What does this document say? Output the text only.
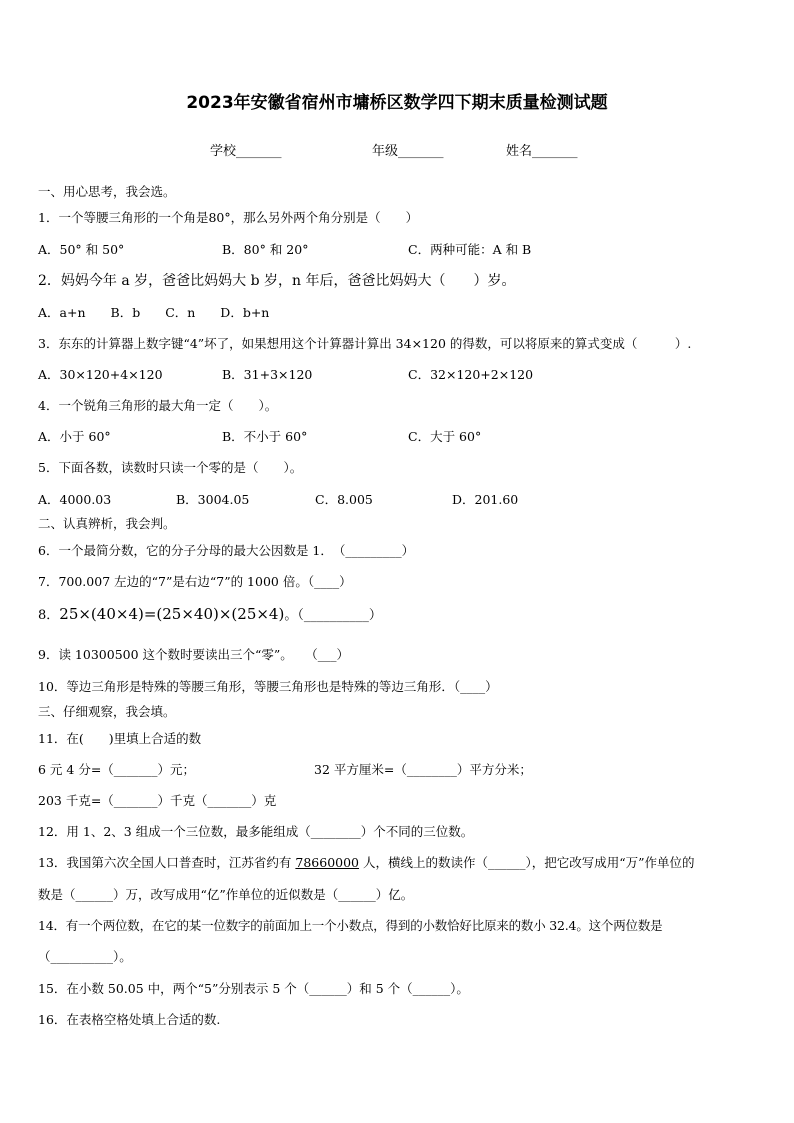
2023年安徽省宿州市墉桥区数学四下期末质量检测试题
学校_______	年级_______	姓名_______
一、用心思考，我会选。
1．一个等腰三角形的一个角是80°，那么另外两个角分别是（　　）
A．50° 和 50°	B．80° 和 20°	C．两种可能：A 和 B
2．妈妈今年 a 岁，爸爸比妈妈大 b 岁，n 年后，爸爸比妈妈大（　　）岁。
A．a+n　　B．b　　C．n　　D．b+n
3．东东的计算器上数字键“4”坏了，如果想用这个计算器计算出 34×120 的得数，可以将原来的算式变成（　　　）.
A．30×120+4×120	B．31+3×120	C．32×120+2×120
4．一个锐角三角形的最大角一定（　　）。
A．小于 60°	B．不小于 60°	C．大于 60°
5．下面各数，读数时只读一个零的是（　　）。
A．4000.03	B．3004.05	C．8.005	D．201.60
二、认真辨析，我会判。
6．一个最简分数，它的分子分母的最大公因数是 1．　（_________）
7．700.007 左边的“7”是右边“7”的 1000 倍。（____）
8．25×(40×4)=(25×40)×(25×4)。（__________）
9．读 10300500 这个数时要读出三个“零”。　　（___）
10．等边三角形是特殊的等腰三角形，等腰三角形也是特殊的等边三角形．（____）
三、仔细观察，我会填。
11．在(　　)里填上合适的数
6 元 4 分=（_______）元；	32 平方厘米=（________）平方分米；
203 千克=（_______）千克（_______）克
12．用 1、2、3 组成一个三位数，最多能组成（________）个不同的三位数。
13．我国第六次全国人口普查时，江苏省约有 78660000 人，横线上的数读作（______），把它改写成用“万”作单位的
数是（______）万，改写成用“亿”作单位的近似数是（______）亿。
14．有一个两位数，在它的某一位数字的前面加上一个小数点，得到的小数恰好比原来的数小 32.4。这个两位数是
（__________）。
15．在小数 50.05 中，两个“5”分别表示 5 个（______）和 5 个（______）。
16．在表格空格处填上合适的数.
